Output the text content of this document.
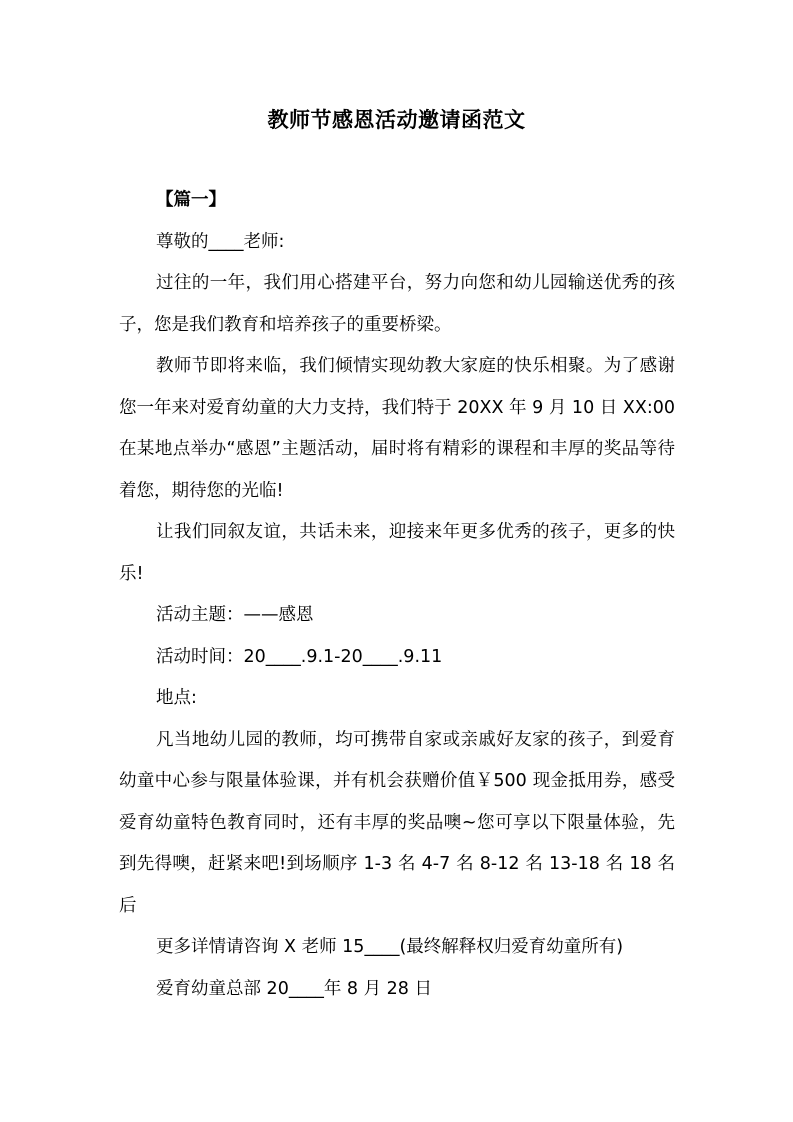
教师节感恩活动邀请函范文

【篇一】

尊敬的____老师:

过往的一年，我们用心搭建平台，努力向您和幼儿园输送优秀的孩子，您是我们教育和培养孩子的重要桥梁。

教师节即将来临，我们倾情实现幼教大家庭的快乐相聚。为了感谢您一年来对爱育幼童的大力支持，我们特于 20XX 年 9 月 10 日 XX:00 在某地点举办“感恩”主题活动，届时将有精彩的课程和丰厚的奖品等待着您，期待您的光临!

让我们同叙友谊，共话未来，迎接来年更多优秀的孩子，更多的快乐!

活动主题：——感恩

活动时间：20____.9.1-20____.9.11

地点:

凡当地幼儿园的教师，均可携带自家或亲戚好友家的孩子，到爱育幼童中心参与限量体验课，并有机会获赠价值￥500 现金抵用券，感受爱育幼童特色教育同时，还有丰厚的奖品噢~您可享以下限量体验，先到先得噢，赶紧来吧!到场顺序 1-3 名 4-7 名 8-12 名 13-18 名 18 名后

更多详情请咨询 X 老师 15____(最终解释权归爱育幼童所有)

爱育幼童总部 20____年 8 月 28 日
